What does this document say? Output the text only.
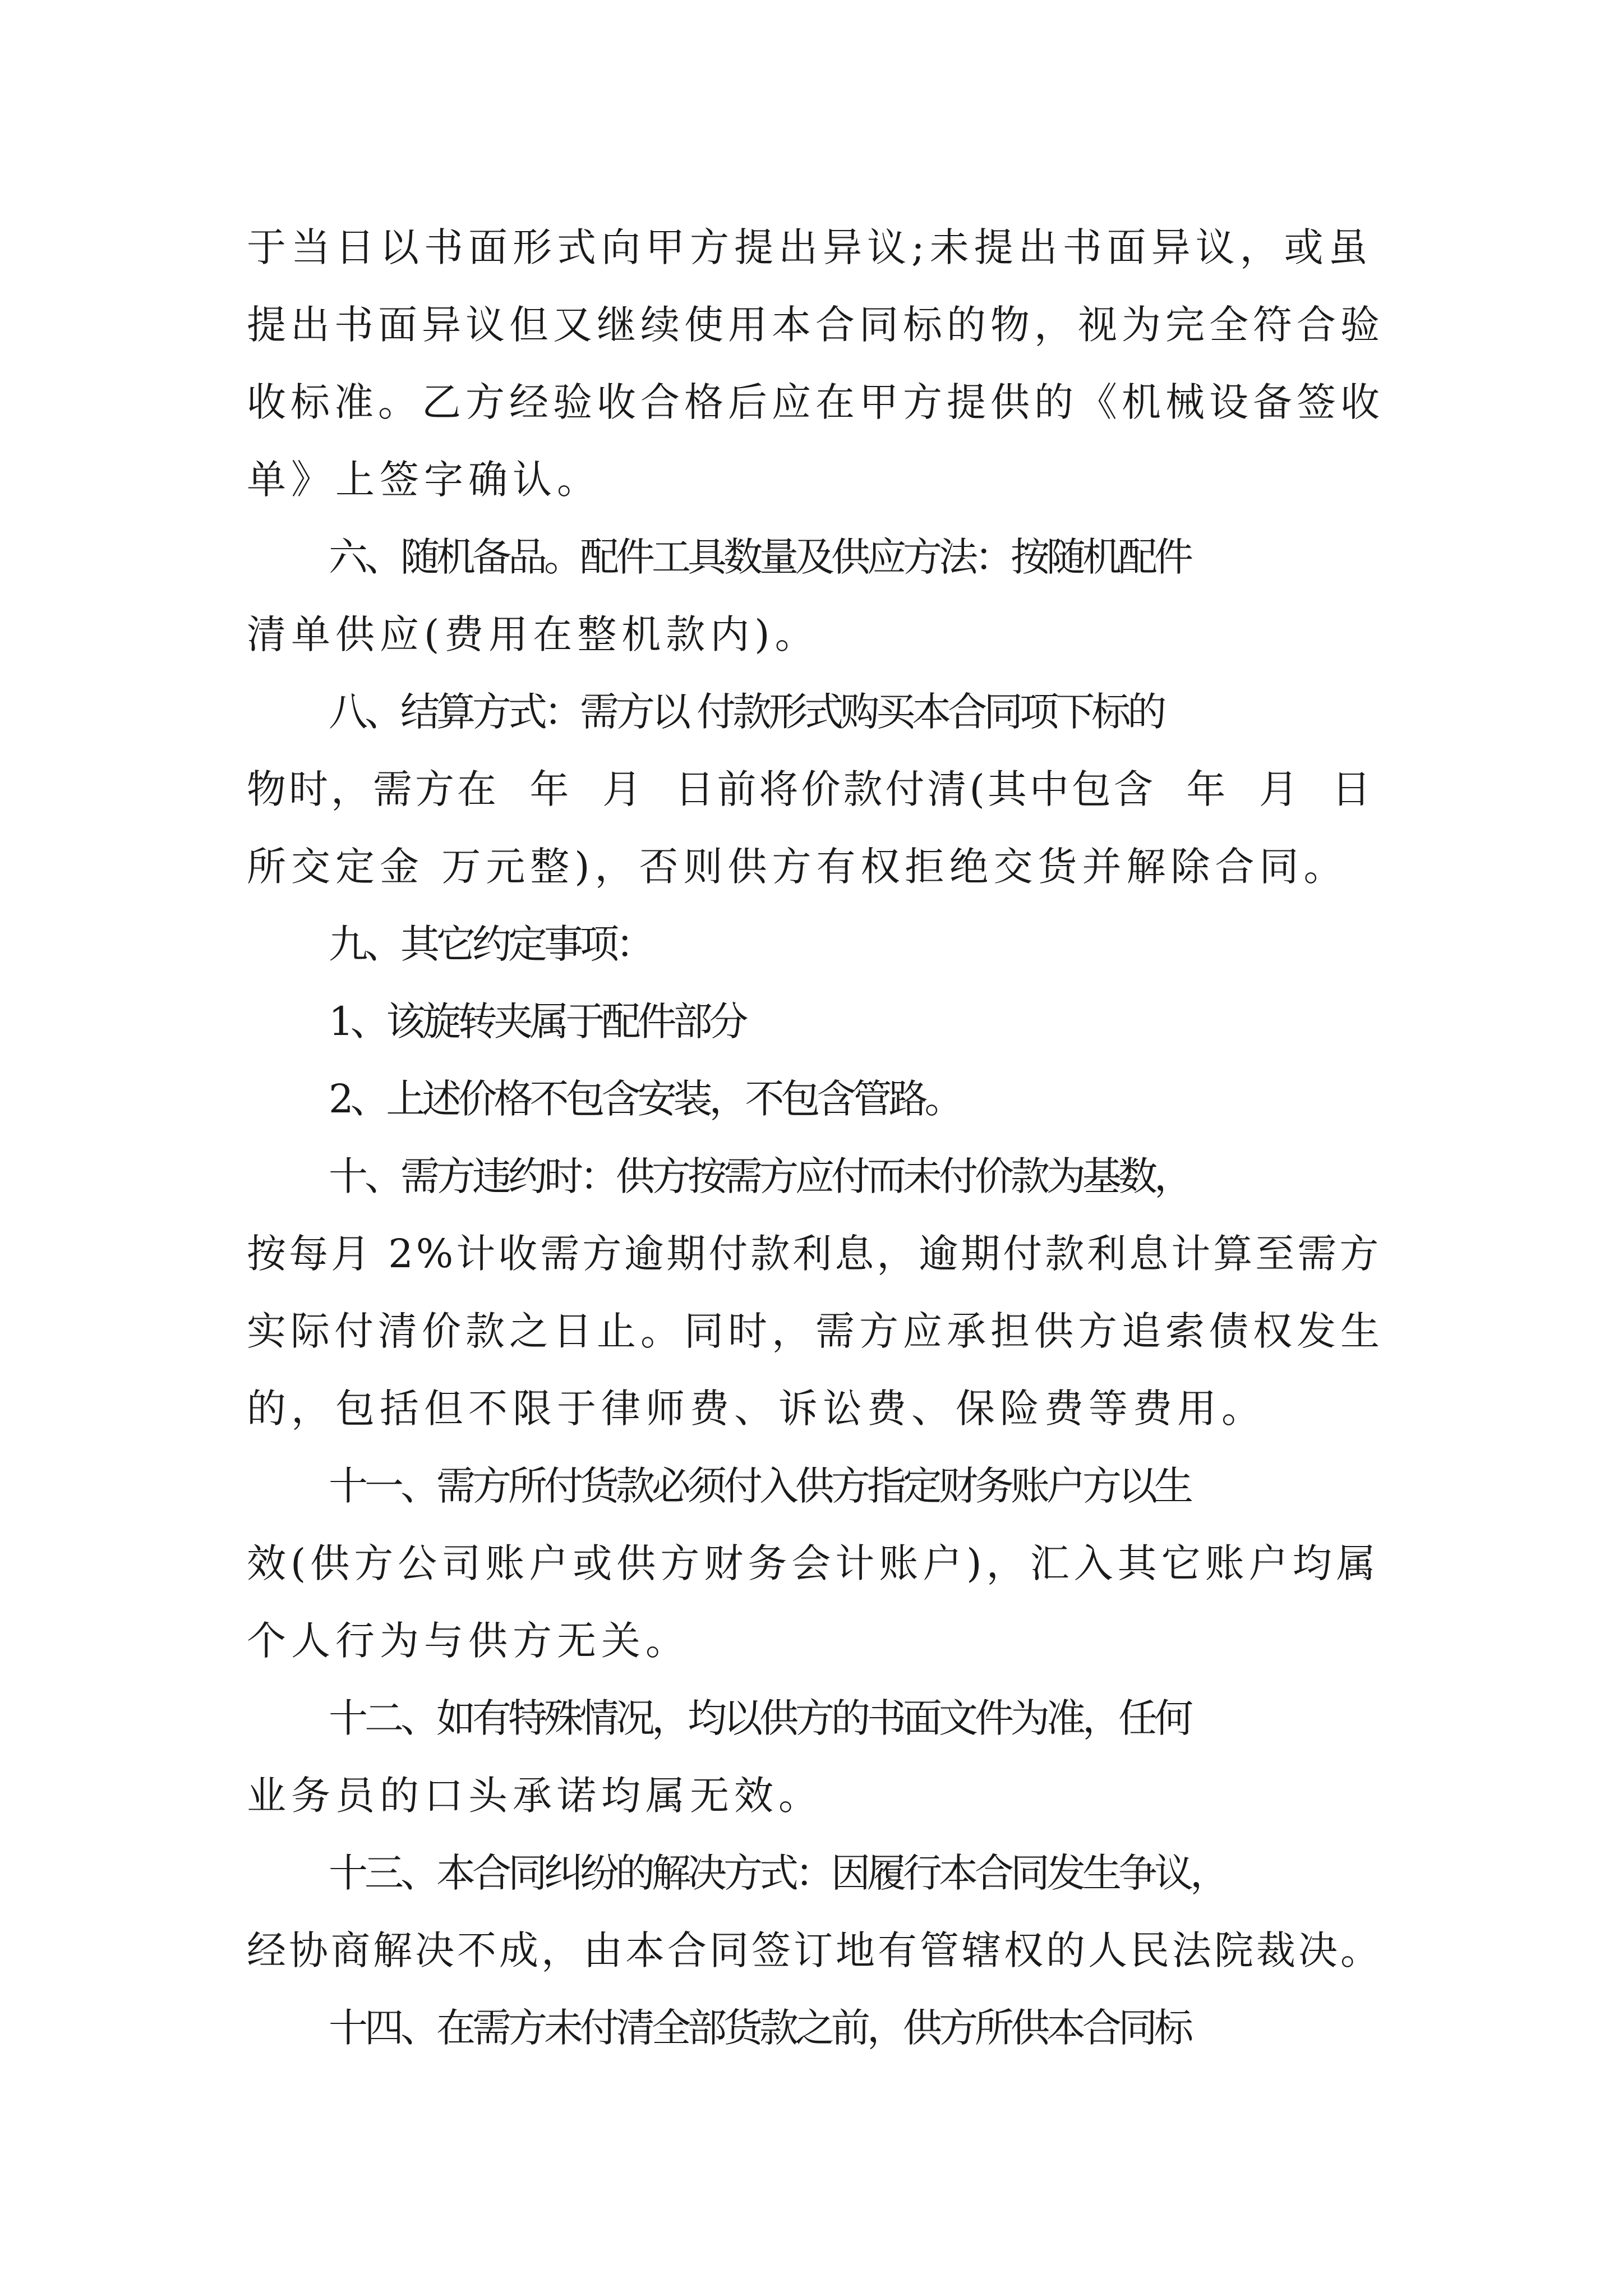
于当日以书面形式向甲方提出异议;未提出书面异议，或虽
提出书面异议但又继续使用本合同标的物，视为完全符合验
收标准。乙方经验收合格后应在甲方提供的《机械设备签收
单》上签字确认。
六、随机备品。配件工具数量及供应方法：按随机配件
清单供应(费用在整机款内)。
八、结算方式：需方以 付款形式购买本合同项下标的
物时，需方在  年  月  日前将价款付清(其中包含  年  月  日
所交定金 万元整)，否则供方有权拒绝交货并解除合同。
九、其它约定事项：
1、该旋转夹属于配件部分
2、上述价格不包含安装，不包含管路。
十、需方违约时：供方按需方应付而未付价款为基数，
按每月 2%计收需方逾期付款利息，逾期付款利息计算至需方
实际付清价款之日止。同时，需方应承担供方追索债权发生
的，包括但不限于律师费、诉讼费、保险费等费用。
十一、需方所付货款必须付入供方指定财务账户方以生
效(供方公司账户或供方财务会计账户)，汇入其它账户均属
个人行为与供方无关。
十二、如有特殊情况，均以供方的书面文件为准，任何
业务员的口头承诺均属无效。
十三、本合同纠纷的解决方式：因履行本合同发生争议，
经协商解决不成，由本合同签订地有管辖权的人民法院裁决。
十四、在需方未付清全部货款之前，供方所供本合同标
